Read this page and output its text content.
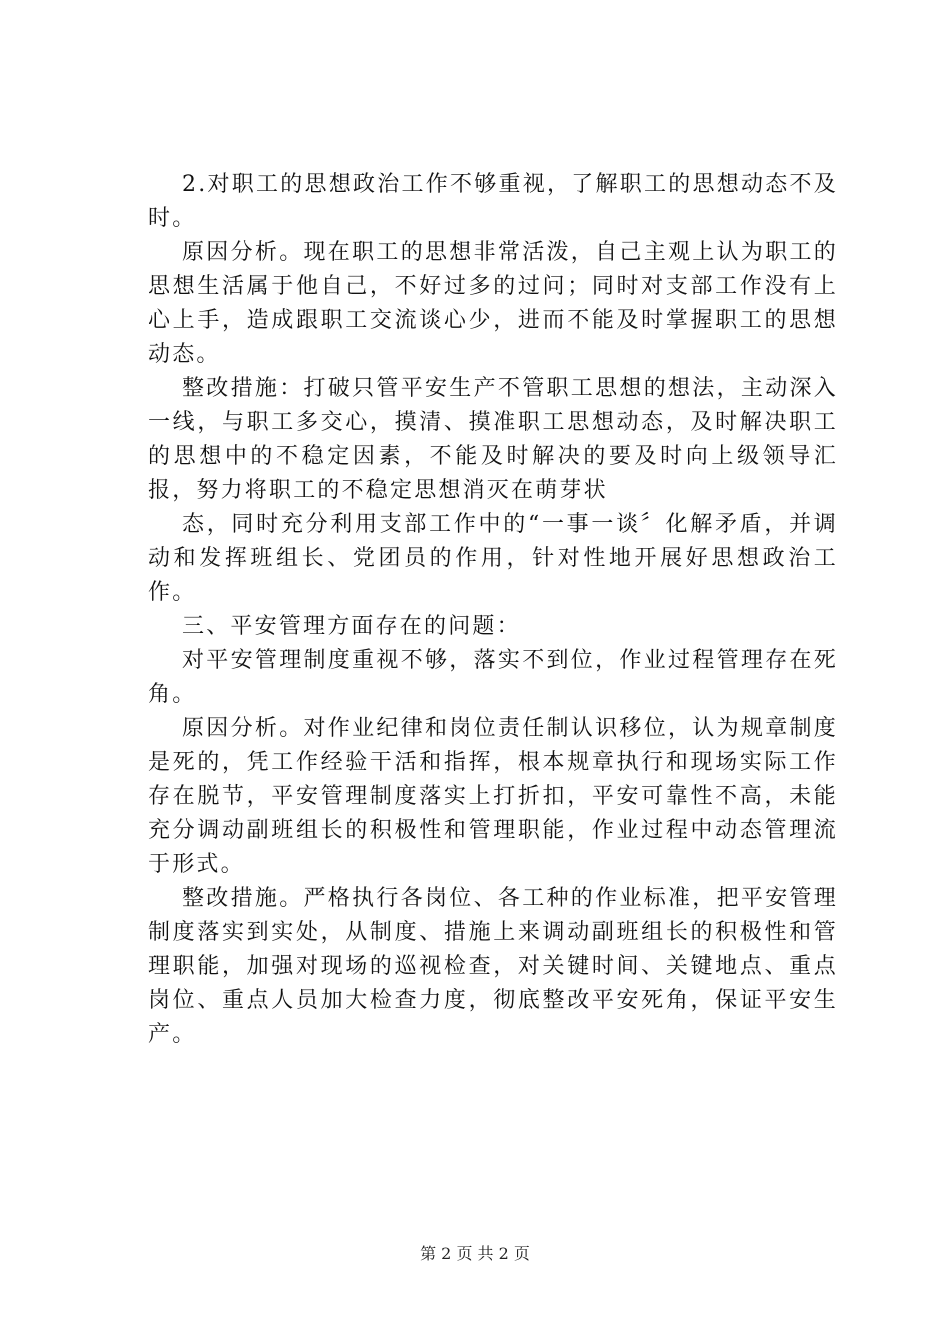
2.对职工的思想政治工作不够重视，了解职工的思想动态不及时。

原因分析。现在职工的思想非常活泼，自己主观上认为职工的思想生活属于他自己，不好过多的过问；同时对支部工作没有上心上手，造成跟职工交流谈心少，进而不能及时掌握职工的思想动态。

整改措施：打破只管平安生产不管职工思想的想法，主动深入一线，与职工多交心，摸清、摸准职工思想动态，及时解决职工的思想中的不稳定因素，不能及时解决的要及时向上级领导汇报，努力将职工的不稳定思想消灭在萌芽状

态，同时充分利用支部工作中的“一事一谈〞化解矛盾，并调动和发挥班组长、党团员的作用，针对性地开展好思想政治工作。

三、平安管理方面存在的问题：

对平安管理制度重视不够，落实不到位，作业过程管理存在死角。

原因分析。对作业纪律和岗位责任制认识移位，认为规章制度是死的，凭工作经验干活和指挥，根本规章执行和现场实际工作存在脱节，平安管理制度落实上打折扣，平安可靠性不高，未能充分调动副班组长的积极性和管理职能，作业过程中动态管理流于形式。

整改措施。严格执行各岗位、各工种的作业标准，把平安管理制度落实到实处，从制度、措施上来调动副班组长的积极性和管理职能，加强对现场的巡视检查，对关键时间、关键地点、重点岗位、重点人员加大检查力度，彻底整改平安死角，保证平安生产。

第 2 页 共 2 页
